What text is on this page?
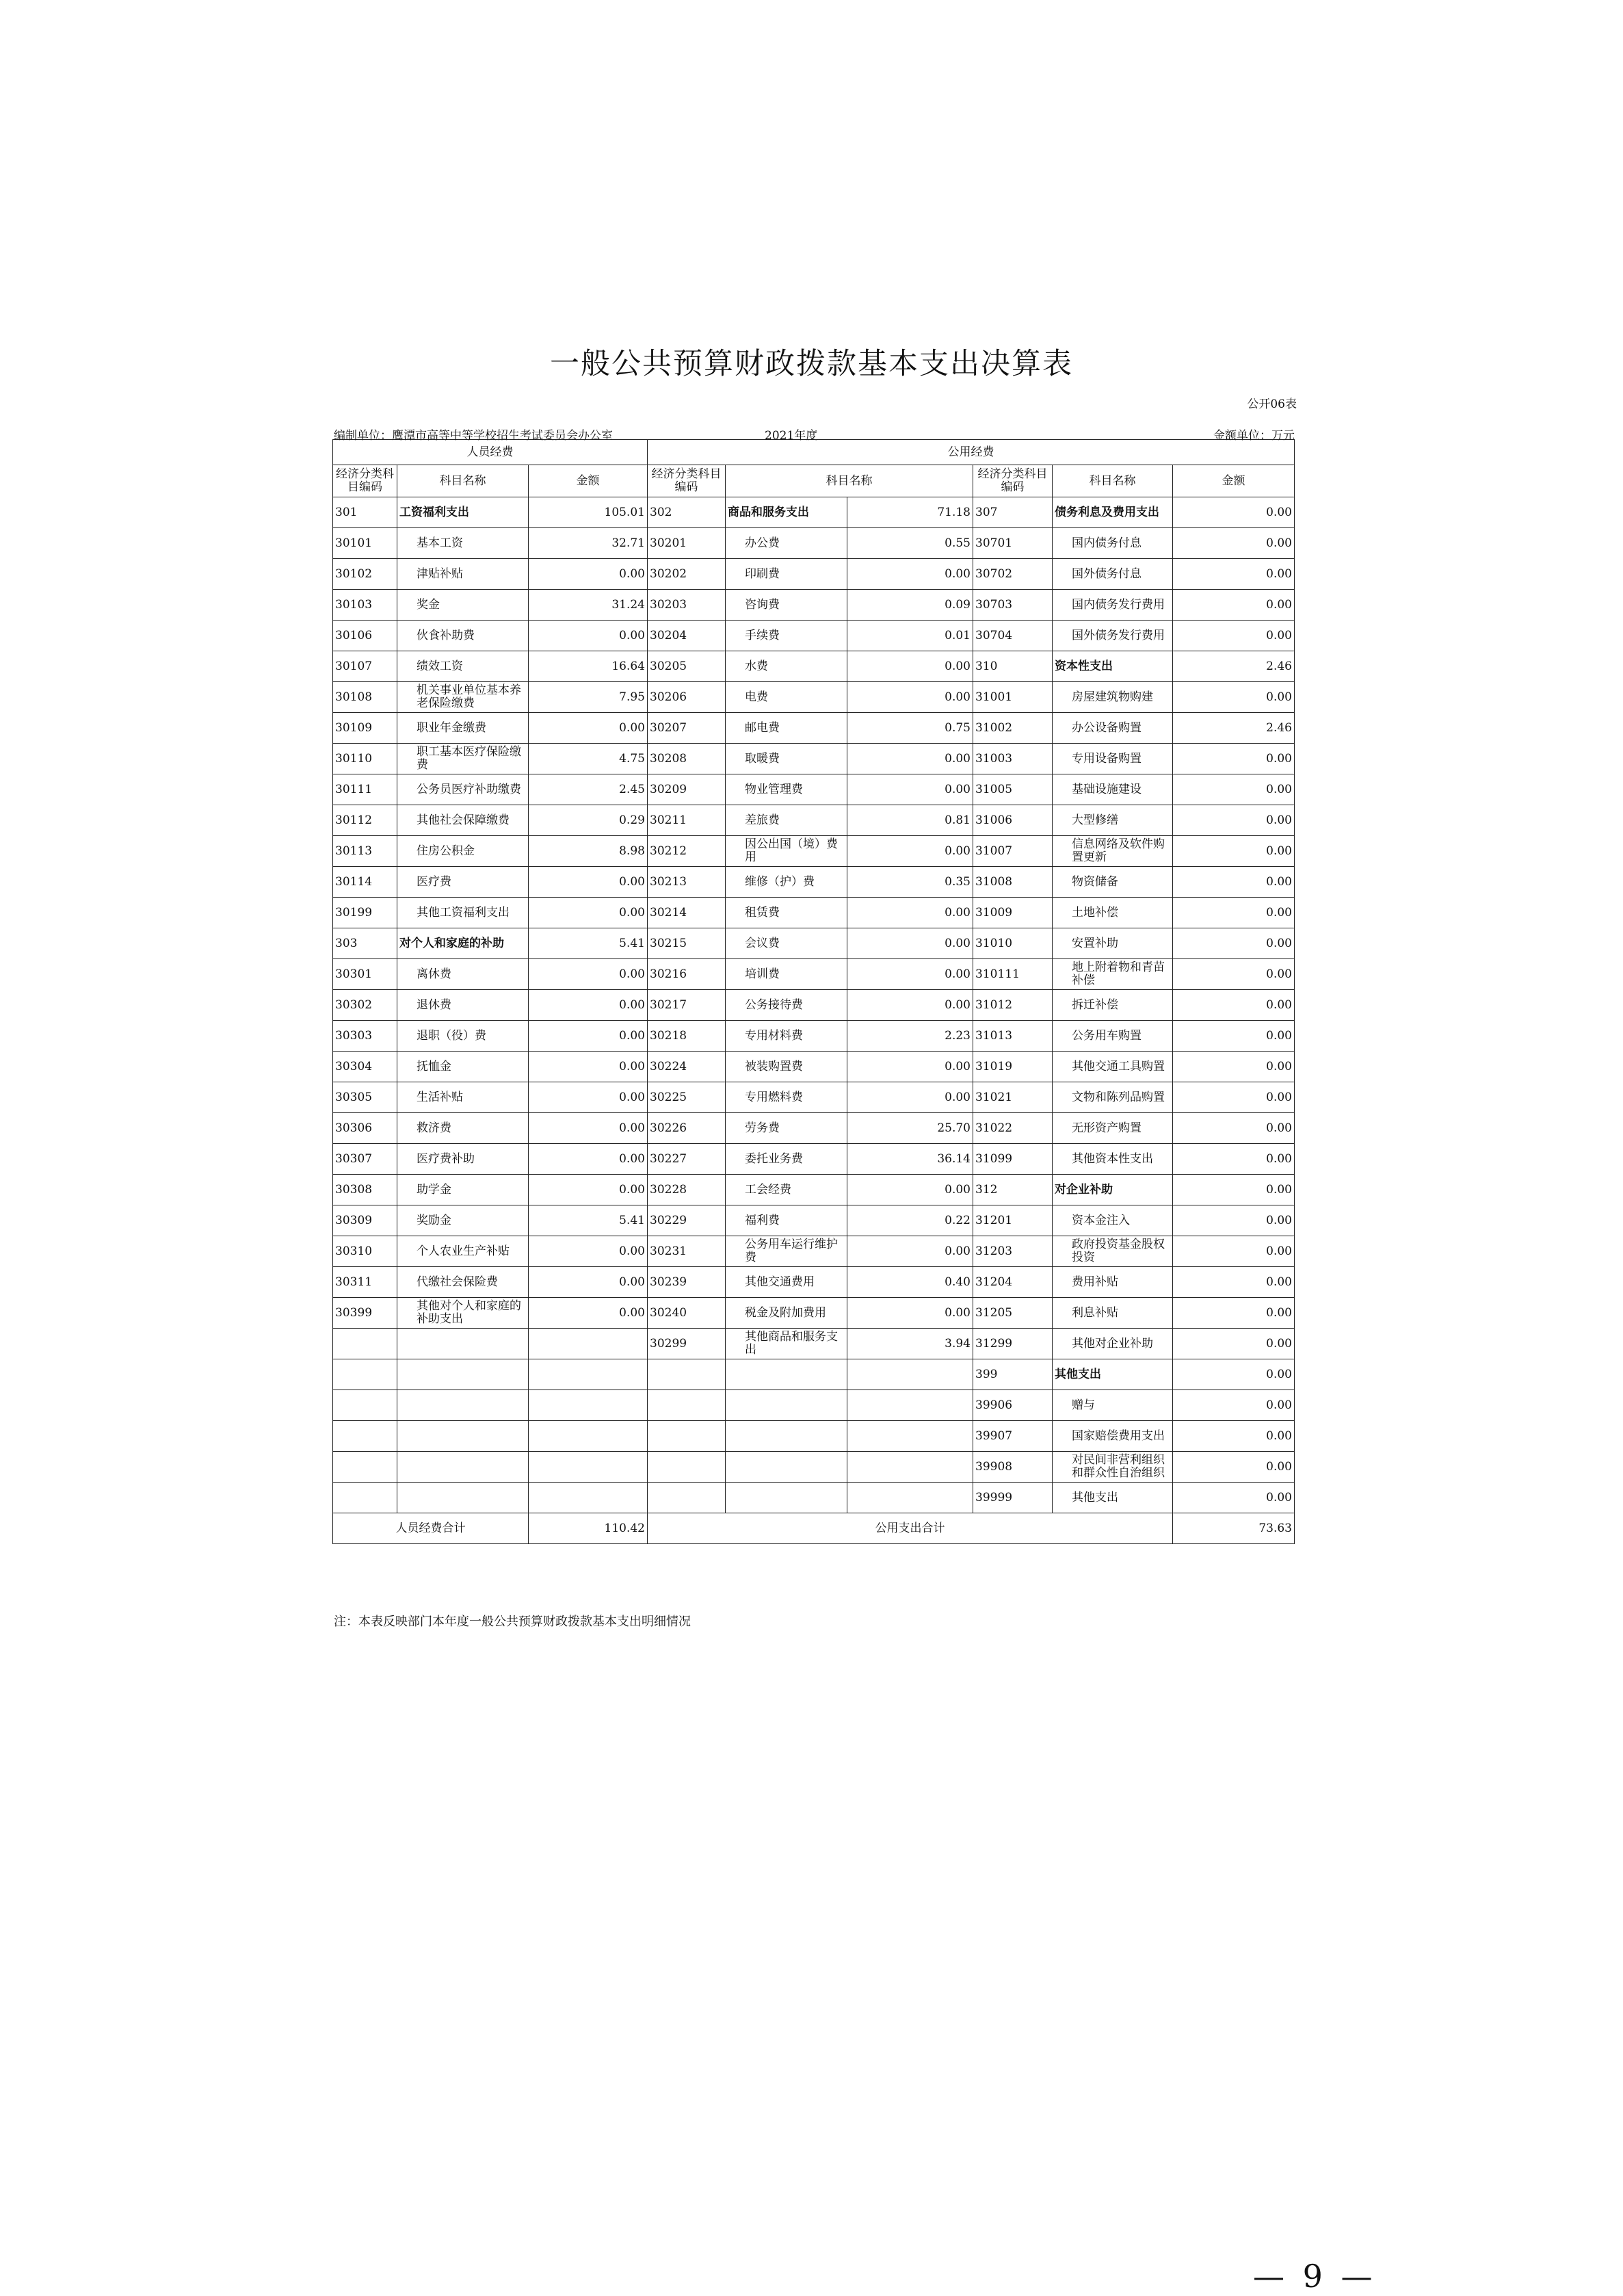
一般公共预算财政拨款基本支出决算表
公开06表
编制单位：鹰潭市高等中等学校招生考试委员会办公室	2021年度	金额单位：万元
人员经费			公用经费					
经济分类科目编码	科目名称	金额	经济分类科目编码	科目名称		经济分类科目编码	科目名称	金额
301	工资福利支出	105.01	302	商品和服务支出	71.18	307	债务利息及费用支出	0.00
30101	基本工资	32.71	30201	办公费	0.55	30701	国内债务付息	0.00
30102	津贴补贴	0.00	30202	印刷费	0.00	30702	国外债务付息	0.00
30103	奖金	31.24	30203	咨询费	0.09	30703	国内债务发行费用	0.00
30106	伙食补助费	0.00	30204	手续费	0.01	30704	国外债务发行费用	0.00
30107	绩效工资	16.64	30205	水费	0.00	310	资本性支出	2.46
30108	机关事业单位基本养老保险缴费	7.95	30206	电费	0.00	31001	房屋建筑物购建	0.00
30109	职业年金缴费	0.00	30207	邮电费	0.75	31002	办公设备购置	2.46
30110	职工基本医疗保险缴费	4.75	30208	取暖费	0.00	31003	专用设备购置	0.00
30111	公务员医疗补助缴费	2.45	30209	物业管理费	0.00	31005	基础设施建设	0.00
30112	其他社会保障缴费	0.29	30211	差旅费	0.81	31006	大型修缮	0.00
30113	住房公积金	8.98	30212	因公出国（境）费用	0.00	31007	信息网络及软件购置更新	0.00
30114	医疗费	0.00	30213	维修（护）费	0.35	31008	物资储备	0.00
30199	其他工资福利支出	0.00	30214	租赁费	0.00	31009	土地补偿	0.00
303	对个人和家庭的补助	5.41	30215	会议费	0.00	31010	安置补助	0.00
30301	离休费	0.00	30216	培训费	0.00	310111	地上附着物和青苗补偿	0.00
30302	退休费	0.00	30217	公务接待费	0.00	31012	拆迁补偿	0.00
30303	退职（役）费	0.00	30218	专用材料费	2.23	31013	公务用车购置	0.00
30304	抚恤金	0.00	30224	被装购置费	0.00	31019	其他交通工具购置	0.00
30305	生活补贴	0.00	30225	专用燃料费	0.00	31021	文物和陈列品购置	0.00
30306	救济费	0.00	30226	劳务费	25.70	31022	无形资产购置	0.00
30307	医疗费补助	0.00	30227	委托业务费	36.14	31099	其他资本性支出	0.00
30308	助学金	0.00	30228	工会经费	0.00	312	对企业补助	0.00
30309	奖励金	5.41	30229	福利费	0.22	31201	资本金注入	0.00
30310	个人农业生产补贴	0.00	30231	公务用车运行维护费	0.00	31203	政府投资基金股权投资	0.00
30311	代缴社会保险费	0.00	30239	其他交通费用	0.40	31204	费用补贴	0.00
30399	其他对个人和家庭的补助支出	0.00	30240	税金及附加费用	0.00	31205	利息补贴	0.00
			30299	其他商品和服务支出	3.94	31299	其他对企业补助	0.00
						399	其他支出	0.00
						39906	赠与	0.00
						39907	国家赔偿费用支出	0.00
						39908	对民间非营利组织和群众性自治组织	0.00
						39999	其他支出	0.00
人员经费合计		110.42	公用支出合计					73.63
注：本表反映部门本年度一般公共预算财政拨款基本支出明细情况
— 9 —
